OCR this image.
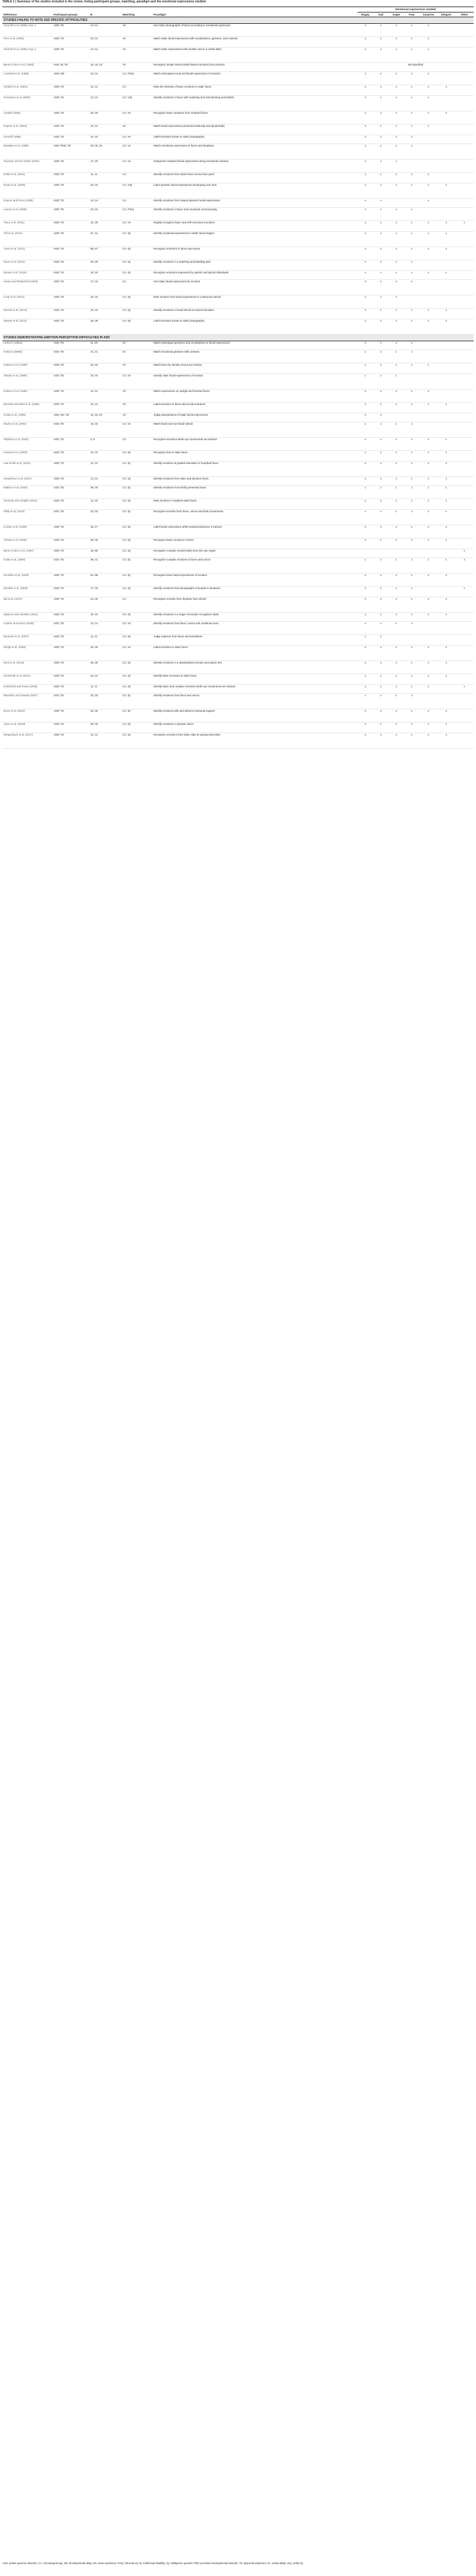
TABLE 1 | Summary of the studies included in the review, listing participant groups, matching, paradigm and the emotional expressions studied.
Reference	Participant groups	N	Matching	Paradigm	Emotional expressions studied						
					Happy	Sad	Anger	Fear	Surprise	Disgust	Other
STUDIES FAILING TO NOTE ASD SPECIFIC ATYPICALITIES											
Ozonoff et al. (1990), Exp. 1	ASD; TD	14; 14	VA	Sort static photographs of faces according to emotional expression	x	x	x	x	x		
Prior et al. (1990)	ASD; TD	23; 24	VA	Match static facial expressions with vocalizations, gestures, and contexts	x	x	x	x	x		
Ozonoff et al. (1990), Exp. 2	ASD; TD	14; 14	VA	Match static expressions with another and to a verbal label	x	x	x	x	x		
Baron-Cohen et al. (1993)	ASD; ID; TD	15; 15; 15	VA	Recognize simple versus belief-based emotions from pictures	Not specified						
Loveland et al. (1995)	ASD; DD	13; 13	CA; FSIQ	Match videotaped vocal and facial expressions of emotion	x	x	x	x	x		
Adolphs et al. (2001)	ASD; TD	12; 12	CA	Rate the intensity of basic emotions in static faces	x	x	x	x	x	x	
Grossman et al. (2000)	ASD; TD	13; 13	CA; VIQ	Identify emotions in faces with matching and mismatching word labels	x	x	x	x	x		
Castelli (2005)	ASD; TD	20; 20	CA; VA	Recognize basic emotions from morphed faces	x	x	x	x	x	x	
Gepner et al. (2001)	ASD; TD	12; 12	VA	Match facial expressions presented statically and dynamically	x	x	x	x	x		
Ozonoff (1995)	ASD; TD	10; 10	CA; VA	Label emotions shown in static photographs	x	x	x	x			
Buitelaar et al. (1999)	ASD; PDD; TD	20; 20; 20	CA; VA	Match emotional expressions in faces and situations	x	x	x	x			
Teunisse and de Gelder (2001)	ASD; TD	17; 20	CA; VA	Categorize morphed facial expressions along emotional continua	x	x	x				
Robel et al. (2004)	ASD; TD	11; 11	CA	Identify emotions from whole faces versus face parts	x	x	x	x	x		
Rump et al. (2009)	ASD; TD	34; 34	CA; VIQ	Label dynamic facial expressions developing over time	x	x	x	x	x	x	
Gepner and Feron (2009)	ASD; TD	14; 14	CA	Identify emotions from slowed dynamic facial expressions	x	x			x		
Lacroix et al. (2009)	ASD; TD	22; 22	CA; FSIQ	Identify emotions in faces and emotional vocal prosody	x	x	x	x			
Tracy et al. (2011)	ASD; TD	31; 25	CA; VA	Rapidly recognize basic and self-conscious emotions	x	x	x	x	x	x	x
Tell et al. (2014)	ASD; TD	21; 21	CA; IQ	Identify emotional expressions in static facial images	x	x	x	x	x	x	
Jones et al. (2011)	ASD; TD	99; 57	CA; IQ	Recognize emotions in faces and voices	x	x	x	x	x	x	
Evers et al. (2014)	ASD; TD	20; 20	CA; IQ	Identify emotions in a matching and labelling task	x	x	x	x			
Brewer et al. (2016)	ASD; TD	15; 15	CA; IQ	Recognize emotions expressed by autistic and typical individuals	x	x	x	x	x	x	
Homer and Rutherford (2008)	ASD; TD	17; 16	CA	Sort static facial expressions by emotion	x	x	x	x			
Cook et al. (2013)	ASD; TD	15; 15	CA; IQ	Rate emotion from facial expressions in continuous stimuli	x	x	x				
Enticott et al. (2014)	ASD; TD	16; 16	CA; IQ	Identify emotions in facial stimuli at varied intensities	x	x	x	x	x	x	
Sawyer et al. (2012)	ASD; TD	28; 28	CA; IQ	Label emotions shown in static photographs	x	x	x	x	x	x	
STUDIES DEMONSTRATING EMOTION PERCEPTION DIFFICULTIES IN ASD											
Hobson (1986a)	ASD; TD	11; 25	VA	Match videotaped gestures and vocalizations to facial expressions	x	x	x	x			
Hobson (1986b)	ASD; TD	21; 21	VA	Match emotional gestures with contexts	x	x	x	x			
Hobson et al. (1988)	ASD; TD	23; 23	VA	Match faces by identity versus by emotion	x	x	x	x	x		
Tantam et al. (1989)	ASD; TD	10; 10	CA; VA	Identify static facial expressions of emotion	x	x	x				
Hobson et al. (1989)	ASD; TD	14; 14	VA	Match expressions on upright and inverted faces	x	x	x	x	x		
Bormann-Kischkel et al. (1995)	ASD; TD	21; 21	VA	Label emotions in faces and social scenarios	x	x	x	x	x	x	
Celani et al. (1999)	ASD; DS; TD	10; 10; 10	VA	Judge pleasantness of static facial expressions	x	x					
Davies et al. (1994)	ASD; TD	16; 16	CA; VA	Match facial and non-facial stimuli	x	x	x	x			
Pelphrey et al. (2002)	ASD; TD	5; 5	CA	Recognize emotions while eye movements are tracked	x	x	x	x	x	x	
Howard et al. (2000)	ASD; TD	10; 10	CA; IQ	Recognize fear in static faces	x	x	x	x	x	x	
Law Smith et al. (2010)	ASD; TD	12; 12	CA; IQ	Identify emotions at graded intensities of morphed faces	x	x	x	x	x	x	
Humphreys et al. (2007)	ASD; TD	14; 14	CA; IQ	Identify emotions from static and dynamic faces	x	x	x	x	x	x	
Wallace et al. (2008)	ASD; TD	39; 28	CA; IQ	Identify emotions from briefly presented faces	x	x	x	x	x	x	
Kennedy and Adolphs (2012)	ASD; TD	12; 19	CA; IQ	Rate emotion in morphed static faces	x	x	x	x	x	x	
Philip et al. (2010)	ASD; TD	23; 23	CA; IQ	Recognize emotion from faces, voices and body movements	x	x	x	x	x	x	
Corden et al. (2008)	ASD; TD	18; 17	CA; IQ	Label facial expressions while viewing behaviour is tracked	x	x	x	x	x	x	
Ashwin et al. (2006)	ASD; TD	39; 39	CA; IQ	Recognize basic emotions in faces	x	x	x	x	x	x	
Baron-Cohen et al. (1997)	ASD; TD	16; 50	CA; IQ	Recognize complex mental states from the eye region							x
Golan et al. (2006)	ASD; TD	39; 41	CA; IQ	Recognize complex emotions in faces and voices	x	x	x	x	x	x	x
Kuusikko et al. (2009)	ASD; TD	54; 58	CA; IQ	Recognize basic facial expressions of emotion	x	x	x	x	x	x	
Dziobek et al. (2008)	ASD; TD	17; 18	CA; IQ	Identify emotions from photographs of people in situations	x	x	x	x			x
Bal et al. (2010)	ASD; TD	24; 40	CA	Recognize emotion from dynamic face stimuli	x	x	x	x	x	x	
Uljarevic and Hamilton (2013)	ASD; TD	16; 16	CA; IQ	Identify emotions in a range of emotion recognition tasks	x	x	x	x	x	x	
Lindner and Rosen (2006)	ASD; TD	14; 14	CA; VA	Identify emotions from faces, voices and combined cues	x	x	x	x			
Boraston et al. (2007)	ASD; TD	11; 11	CA; IQ	Judge sadness from faces and animations	x	x					
Wright et al. (2008)	ASD; TD	40; 40	CA; VA	Label emotions in static faces	x	x	x	x	x	x	
Eack et al. (2015)	ASD; TD	45; 30	CA; IQ	Identify emotions in a standardized emotion perception test	x	x	x	x	x	x	
Sucksmith et al. (2013)	ASD; TD	24; 24	CA; IQ	Identify basic emotions in static faces	x	x	x	x	x	x	
Rutherford and Towns (2008)	ASD; TD	11; 11	CA; IQ	Identify basic and complex emotions while eye movements are tracked	x	x	x	x	x		x
Mazefsky and Oswald (2007)	ASD; TD	20; 20	CA; IQ	Identify emotions from faces and voices	x	x	x	x			
Evers et al. (2015)	ASD; TD	26; 26	CA; IQ	Identify emotions with and without contextual support	x	x	x	x	x	x	
Jones et al. (2018)	ASD; TD	30; 30	CA; IQ	Identify emotions in dynamic faces	x	x	x	x	x	x	
Wingenbach et al. (2017)	ASD; TD	12; 12	CA; IQ	Recognize emotions from video clips at varying intensities	x	x	x	x	x	x	
ASD, autism spectrum disorder; CA, chronological age; DD, developmental delay; DS, Down syndrome; FSIQ, full-scale IQ; ID, intellectual disability; IQ, intelligence quotient; PDD, pervasive developmental disorder; TD, typical development; VA, verbal ability; VIQ, verbal IQ.
